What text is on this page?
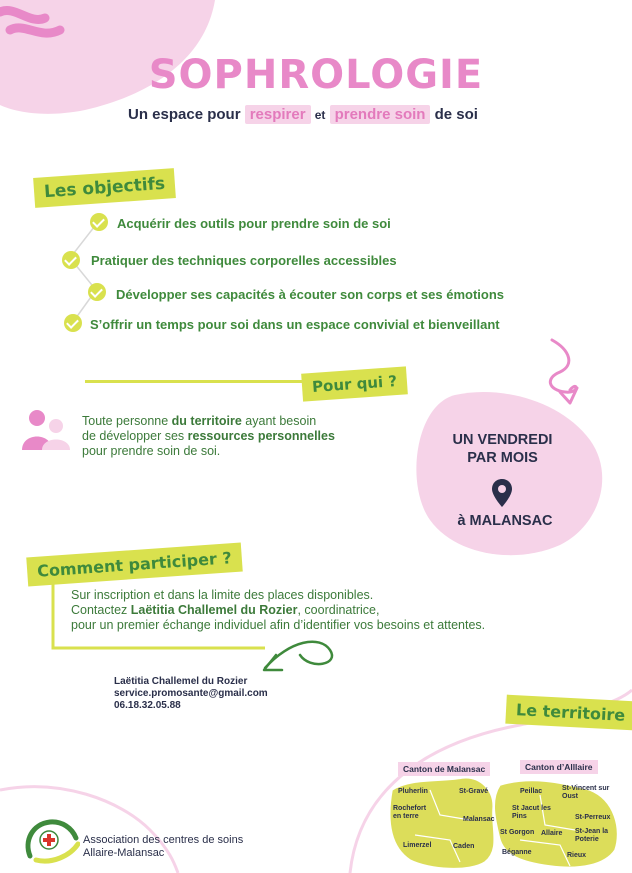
SOPHROLOGIE
Un espace pour respirer et prendre soin de soi
Les objectifs
Acquérir des outils pour prendre soin de soi
Pratiquer des techniques corporelles accessibles
Développer ses capacités à écouter son corps et ses émotions
S’offrir un temps pour soi dans un espace convivial et bienveillant
Pour qui ?
Toute personne du territoire ayant besoin
de développer ses ressources personnelles
pour prendre soin de soi.
UN VENDREDI
PAR MOIS
à MALANSAC
Comment participer ?
Sur inscription et dans la limite des places disponibles.
Contactez Laëtitia Challemel du Rozier, coordinatrice,
pour un premier échange individuel afin d’identifier vos besoins et attentes.
Laëtitia Challemel du Rozier
service.promosante@gmail.com
06.18.32.05.88	Le territoire
Canton de Malansac	Canton d’Alllaire
Pluherlin	St-Gravé
Rochefort en terre	Malansac
Limerzel	Caden
Peillac	St-Vincent sur Oust
St Jacut les Pins	St-Perreux
St Gorgon Allaire St-Jean la Poterie
Béganne	Rieux
Association des centres de soins
Allaire-Malansac
